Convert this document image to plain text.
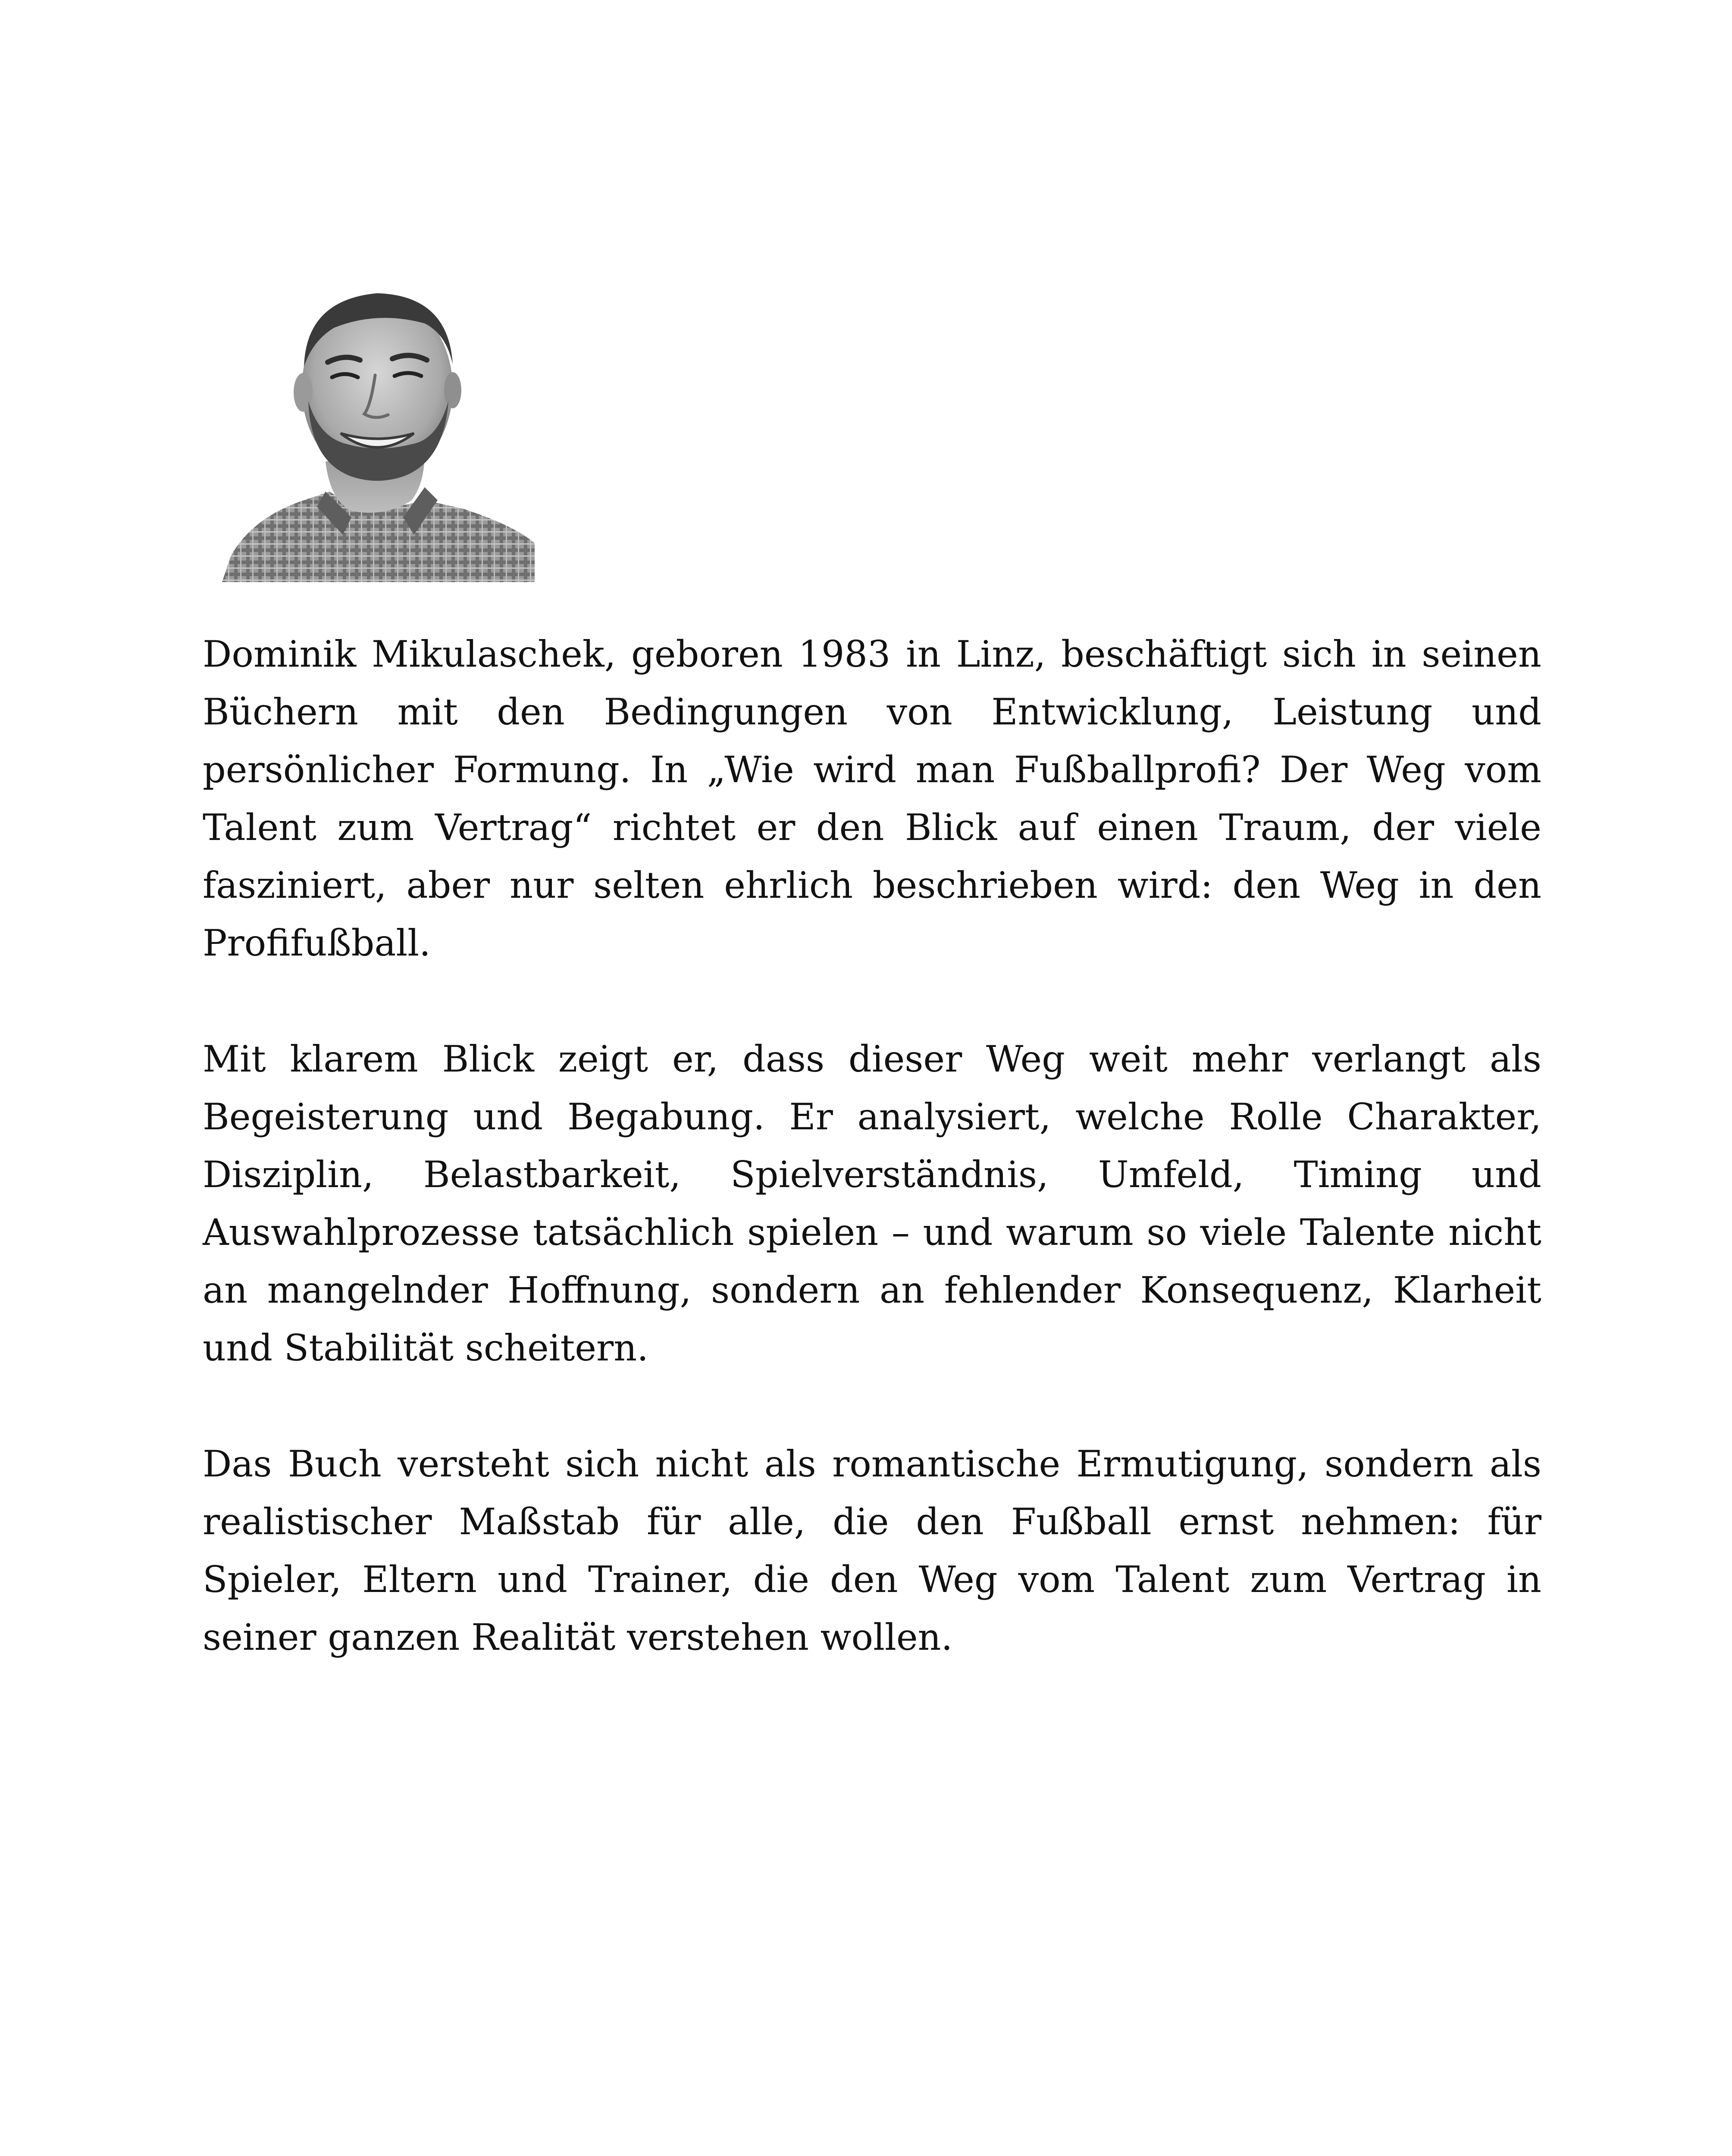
Dominik Mikulaschek, geboren 1983 in Linz, beschäftigt sich in seinen Büchern mit den Bedingungen von Entwicklung, Leistung und persönlicher Formung. In „Wie wird man Fußballprofi? Der Weg vom Talent zum Vertrag“ richtet er den Blick auf einen Traum, der viele fasziniert, aber nur selten ehrlich beschrieben wird: den Weg in den Profifußball.

Mit klarem Blick zeigt er, dass dieser Weg weit mehr verlangt als Begeisterung und Begabung. Er analysiert, welche Rolle Charakter, Disziplin, Belastbarkeit, Spielverständnis, Umfeld, Timing und Auswahlprozesse tatsächlich spielen – und warum so viele Talente nicht an mangelnder Hoffnung, sondern an fehlender Konsequenz, Klarheit und Stabilität scheitern.

Das Buch versteht sich nicht als romantische Ermutigung, sondern als realistischer Maßstab für alle, die den Fußball ernst nehmen: für Spieler, Eltern und Trainer, die den Weg vom Talent zum Vertrag in seiner ganzen Realität verstehen wollen.
